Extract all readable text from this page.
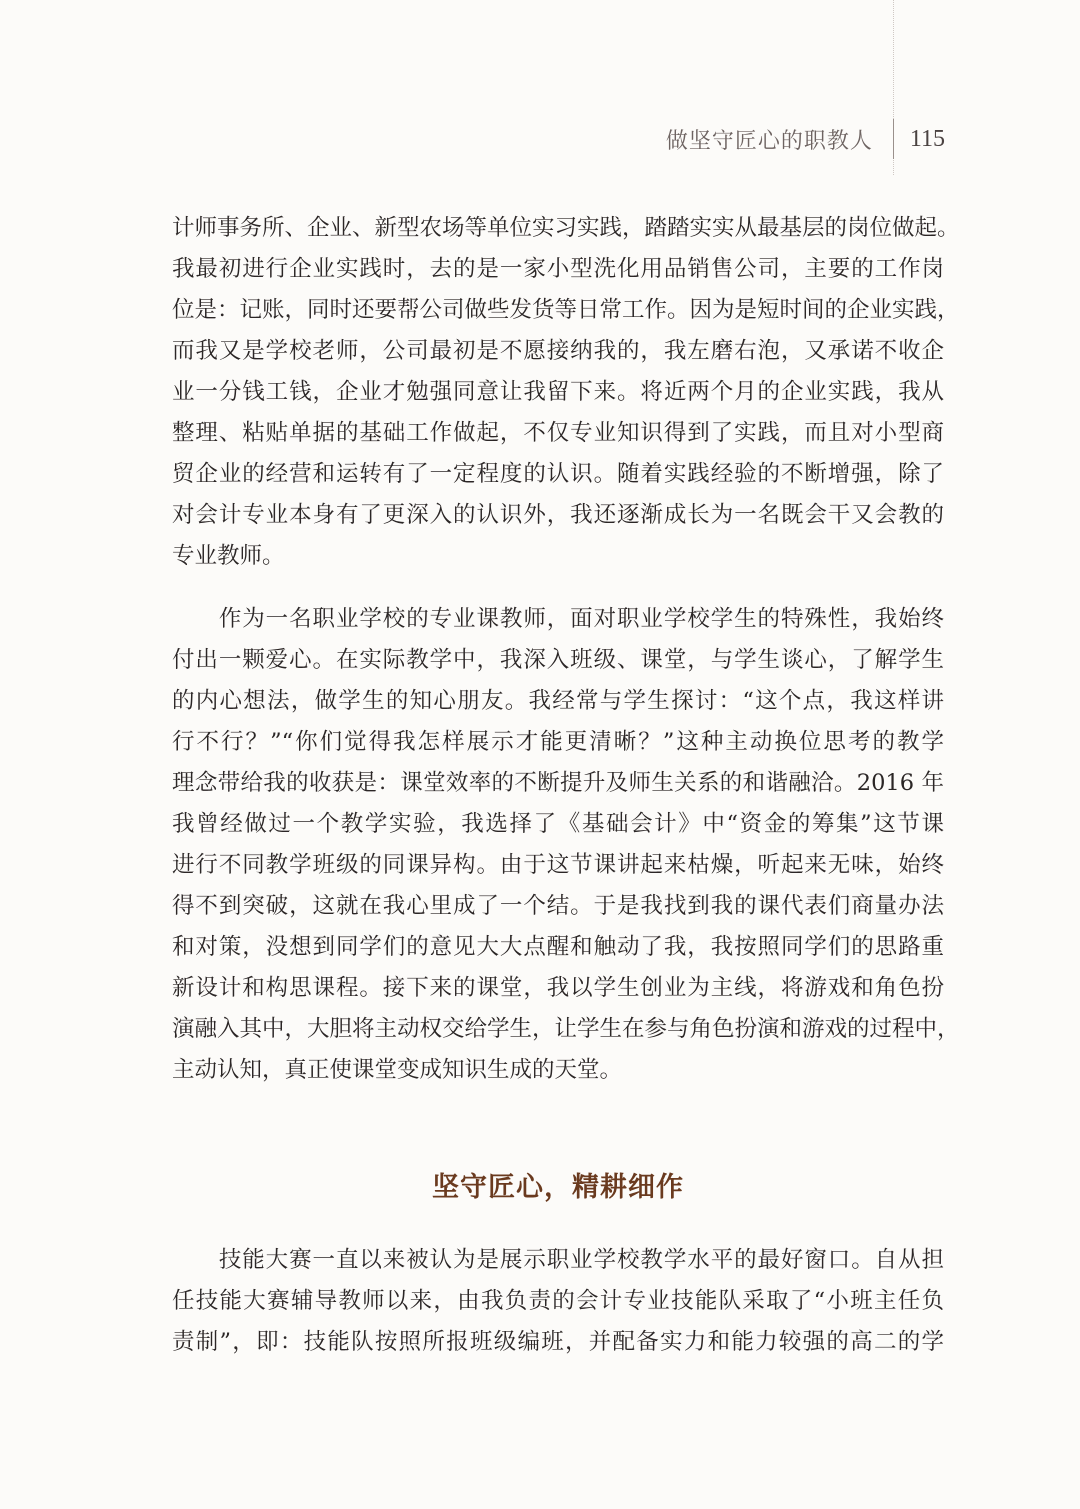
做坚守匠心的职教人 115
计师事务所、企业、新型农场等单位实习实践，踏踏实实从最基层的岗位做起。
我最初进行企业实践时，去的是一家小型洗化用品销售公司，主要的工作岗
位是：记账，同时还要帮公司做些发货等日常工作。因为是短时间的企业实践，
而我又是学校老师，公司最初是不愿接纳我的，我左磨右泡，又承诺不收企
业一分钱工钱，企业才勉强同意让我留下来。将近两个月的企业实践，我从
整理、粘贴单据的基础工作做起，不仅专业知识得到了实践，而且对小型商
贸企业的经营和运转有了一定程度的认识。随着实践经验的不断增强，除了
对会计专业本身有了更深入的认识外，我还逐渐成长为一名既会干又会教的
专业教师。
　　作为一名职业学校的专业课教师，面对职业学校学生的特殊性，我始终
付出一颗爱心。在实际教学中，我深入班级、课堂，与学生谈心，了解学生
的内心想法，做学生的知心朋友。我经常与学生探讨：“这个点，我这样讲
行不行？”“你们觉得我怎样展示才能更清晰？”这种主动换位思考的教学
理念带给我的收获是：课堂效率的不断提升及师生关系的和谐融洽。2016 年
我曾经做过一个教学实验，我选择了《基础会计》中“资金的筹集”这节课
进行不同教学班级的同课异构。由于这节课讲起来枯燥，听起来无味，始终
得不到突破，这就在我心里成了一个结。于是我找到我的课代表们商量办法
和对策，没想到同学们的意见大大点醒和触动了我，我按照同学们的思路重
新设计和构思课程。接下来的课堂，我以学生创业为主线，将游戏和角色扮
演融入其中，大胆将主动权交给学生，让学生在参与角色扮演和游戏的过程中，
主动认知，真正使课堂变成知识生成的天堂。
坚守匠心，精耕细作
　　技能大赛一直以来被认为是展示职业学校教学水平的最好窗口。自从担
任技能大赛辅导教师以来，由我负责的会计专业技能队采取了“小班主任负
责制”，即：技能队按照所报班级编班，并配备实力和能力较强的高二的学
